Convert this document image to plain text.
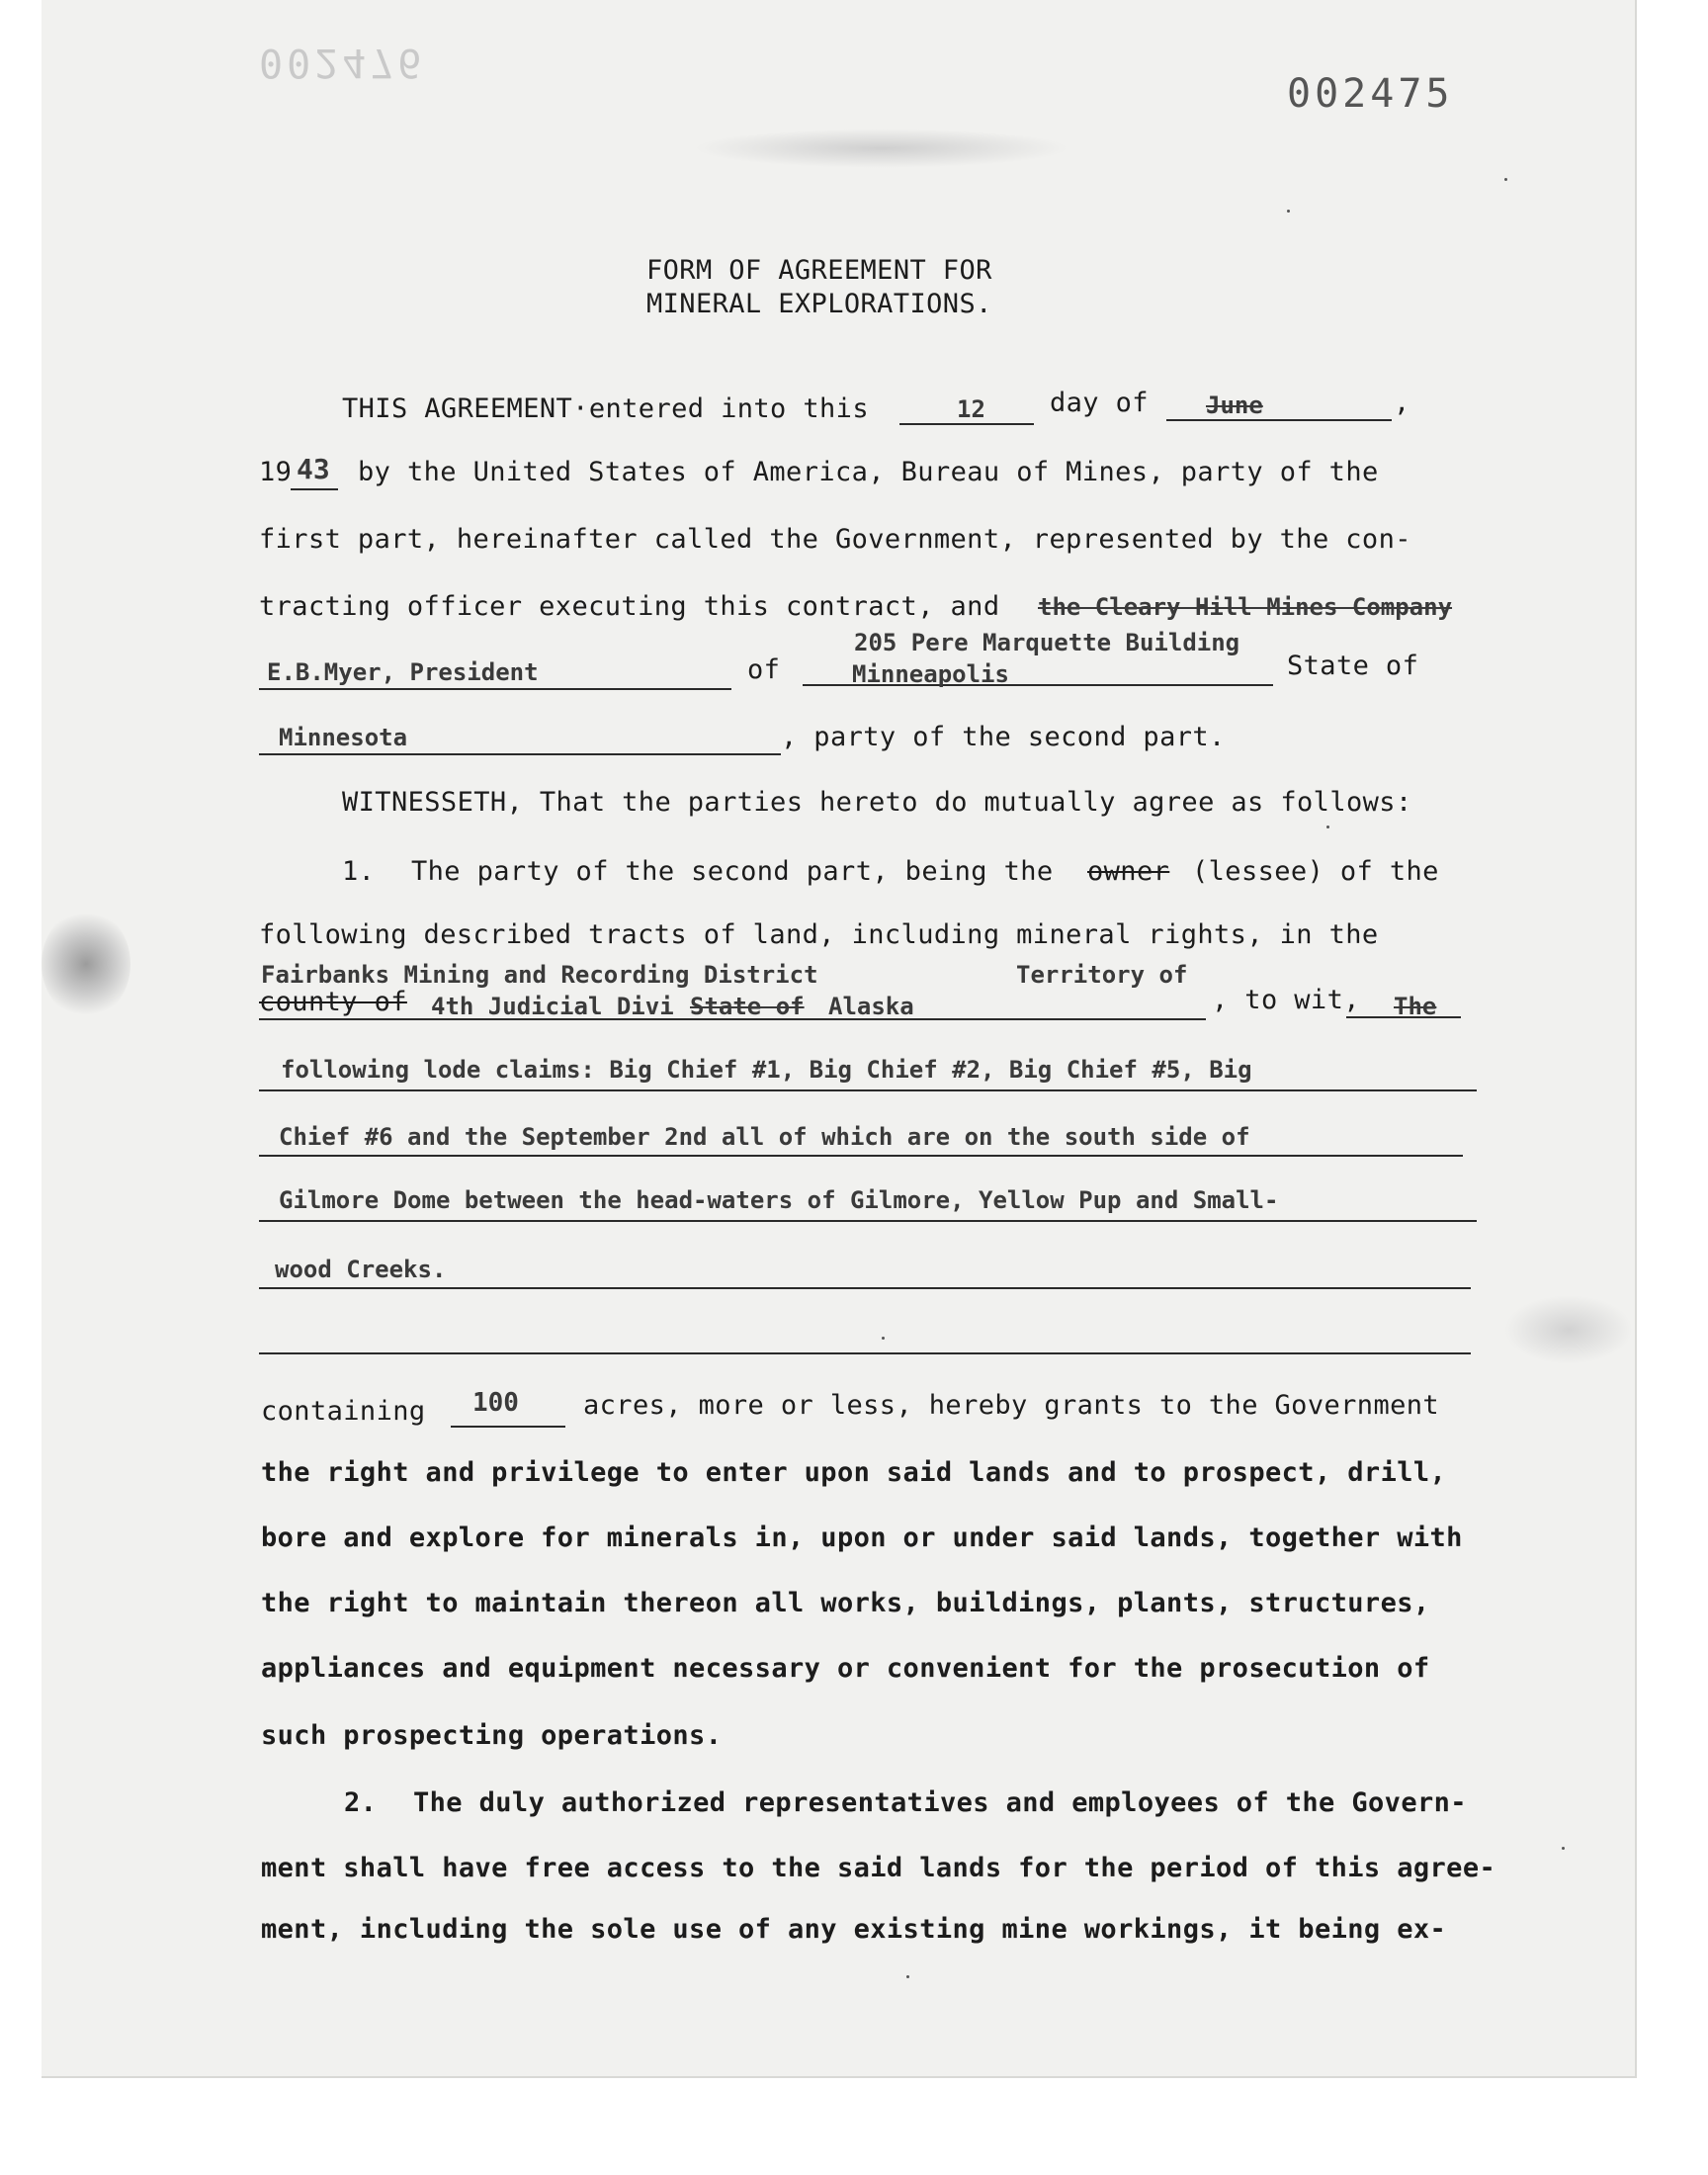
002476
002475
FORM OF AGREEMENT FOR
MINERAL EXPLORATIONS.
THIS AGREEMENT·entered into this	12 day of June	,
19 43 by the United States of America, Bureau of Mines, party of the
first part, hereinafter called the Government, represented by the con-
tracting officer executing this contract, and the Cleary Hill Mines Company
205 Pere Marquette Building
E.B.Myer, President	of	Minneapolis	State of
Minnesota	, party of the second part.
WITNESSETH, That the parties hereto do mutually agree as follows:
1. The party of the second part, being the owner (lessee) of the
following described tracts of land, including mineral rights, in the
Fairbanks Mining and Recording District	Territory of
county of 4th Judicial Divi State of Alaska	, to wit, The
following lode claims: Big Chief #1, Big Chief #2, Big Chief #5, Big
Chief #6 and the September 2nd all of which are on the south side of
Gilmore Dome between the head-waters of Gilmore, Yellow Pup and Small-
wood Creeks.
containing 100 acres, more or less, hereby grants to the Government
the right and privilege to enter upon said lands and to prospect, drill,
bore and explore for minerals in, upon or under said lands, together with
the right to maintain thereon all works, buildings, plants, structures,
appliances and equipment necessary or convenient for the prosecution of
such prospecting operations.
2. The duly authorized representatives and employees of the Govern-
ment shall have free access to the said lands for the period of this agree-
ment, including the sole use of any existing mine workings, it being ex-
